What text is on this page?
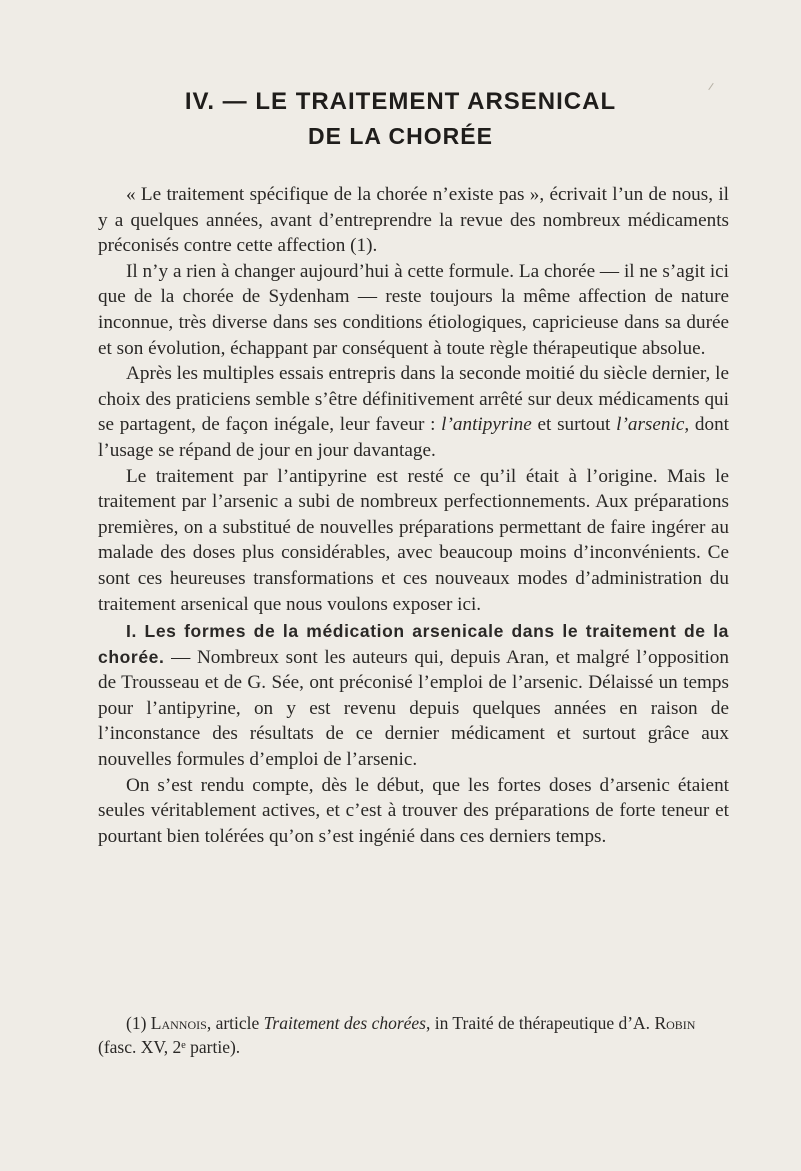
IV. — LE TRAITEMENT ARSENICAL
DE LA CHORÉE

« Le traitement spécifique de la chorée n’existe pas », écrivait l’un de nous, il y a quelques années, avant d’entreprendre la revue des nombreux médicaments préconisés contre cette affection (1).

Il n’y a rien à changer aujourd’hui à cette formule. La chorée — il ne s’agit ici que de la chorée de Sydenham — reste toujours la même affection de nature inconnue, très diverse dans ses conditions étiologiques, capricieuse dans sa durée et son évolution, échappant par conséquent à toute règle thérapeutique absolue.

Après les multiples essais entrepris dans la seconde moitié du siècle dernier, le choix des praticiens semble s’être définitivement arrêté sur deux médicaments qui se partagent, de façon inégale, leur faveur : l’antipyrine et surtout l’arsenic, dont l’usage se répand de jour en jour davantage.

Le traitement par l’antipyrine est resté ce qu’il était à l’origine. Mais le traitement par l’arsenic a subi de nombreux perfectionnements. Aux préparations premières, on a substitué de nouvelles préparations permettant de faire ingérer au malade des doses plus considérables, avec beaucoup moins d’inconvénients. Ce sont ces heureuses transformations et ces nouveaux modes d’administration du traitement arsenical que nous voulons exposer ici.

I. Les formes de la médication arsenicale dans le traitement de la chorée. — Nombreux sont les auteurs qui, depuis Aran, et malgré l’opposition de Trousseau et de G. Sée, ont préconisé l’emploi de l’arsenic. Délaissé un temps pour l’antipyrine, on y est revenu depuis quelques années en raison de l’inconstance des résultats de ce dernier médicament et surtout grâce aux nouvelles formules d’emploi de l’arsenic.

On s’est rendu compte, dès le début, que les fortes doses d’arsenic étaient seules véritablement actives, et c’est à trouver des préparations de forte teneur et pourtant bien tolérées qu’on s’est ingénié dans ces derniers temps.

(1) Lannois, article Traitement des chorées, in Traité de thérapeutique d’A. Robin (fasc. XV, 2ᵉ partie).
